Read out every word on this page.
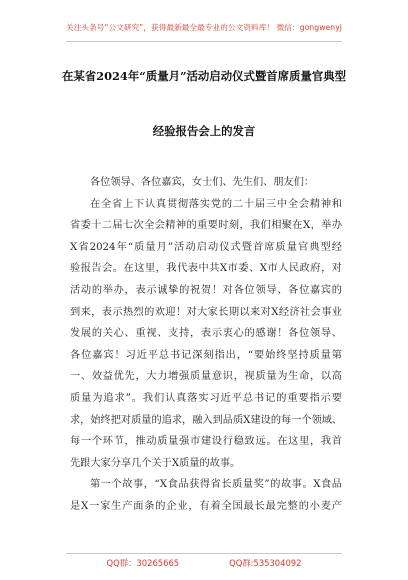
关注头条号“公文研究”，获得最新最全最专业的公文资料库！ 微信：gongwenyj
在某省2024年“质量月”活动启动仪式暨首席质量官典型
经验报告会上的发言
各位领导、各位嘉宾，女士们、先生们、朋友们：
在全省上下认真贯彻落实党的二十届三中全会精神和
省委十二届七次全会精神的重要时刻，我们相聚在X，举办
X省2024年“质量月”活动启动仪式暨首席质量官典型经
验报告会。在这里，我代表中共X市委、X市人民政府，对
活动的举办，表示诚挚的祝贺！对各位领导、各位嘉宾的
到来，表示热烈的欢迎！对大家长期以来对X经济社会事业
发展的关心、重视、支持，表示衷心的感谢！各位领导、
各位嘉宾！习近平总书记深刻指出，“要始终坚持质量第
一、效益优先，大力增强质量意识，视质量为生命，以高
质量为追求”。我们认真落实习近平总书记的重要指示要
求，始终把对质量的追求，融入到品质X建设的每一个领域、
每一个环节，推动质量强市建设行稳致远。在这里，我首
先跟大家分享几个关于X质量的故事。
第一个故事，“X食品获得省长质量奖”的故事。X食品
是X一家生产面条的企业，有着全国最长最完整的小麦产
QQ群：30265665	QQ群:535304092
